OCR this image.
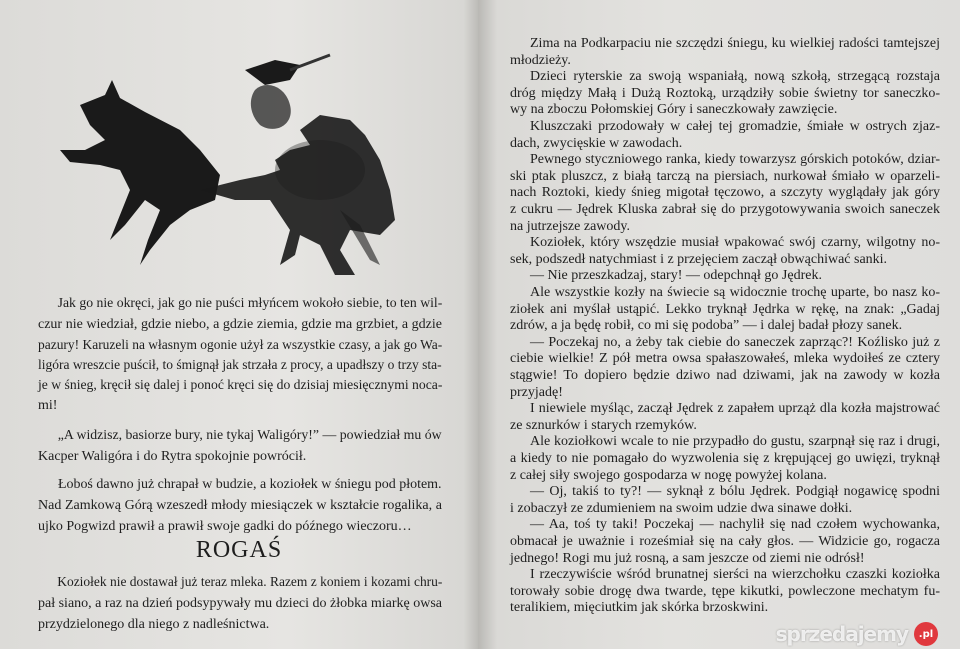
Jak go nie okręci, jak go nie puści młyńcem wokoło siebie, to ten wil-
czur nie wiedział, gdzie niebo, a gdzie ziemia, gdzie ma grzbiet, a gdzie
pazury! Karuzeli na własnym ogonie użył za wszystkie czasy, a jak go Wa-
ligóra wreszcie puścił, to śmignął jak strzała z procy, a upadłszy o trzy sta-
je w śnieg, kręcił się dalej i ponoć kręci się do dzisiaj miesięcznymi noca-
mi!
„A widzisz, basiorze bury, nie tykaj Waligóry!” — powiedział mu ów
Kacper Waligóra i do Rytra spokojnie powrócił.
Łoboś dawno już chrapał w budzie, a koziołek w śniegu pod płotem.
Nad Zamkową Górą wzeszedł młody miesiączek w kształcie rogalika, a
ujko Pogwizd prawił a prawił swoje gadki do późnego wieczoru…
Koziołek nie dostawał już teraz mleka. Razem z koniem i kozami chru-
pał siano, a raz na dzień podsypywały mu dzieci do żłobka miarkę owsa
przydzielonego dla niego z nadleśnictwa.
ROGAŚ
Zima na Podkarpaciu nie szczędzi śniegu, ku wielkiej radości tamtejszej
młodzieży.
Dzieci ryterskie za swoją wspaniałą, nową szkołą, strzegącą rozstaja
dróg między Małą i Dużą Roztoką, urządziły sobie świetny tor saneczko-
wy na zboczu Połomskiej Góry i saneczkowały zawzięcie.
Kluszczaki przodowały w całej tej gromadzie, śmiałe w ostrych zjaz-
dach, zwycięskie w zawodach.
Pewnego styczniowego ranka, kiedy towarzysz górskich potoków, dziar-
ski ptak pluszcz, z białą tarczą na piersiach, nurkował śmiało w oparzeli-
nach Roztoki, kiedy śnieg migotał tęczowo, a szczyty wyglądały jak góry
z cukru — Jędrek Kluska zabrał się do przygotowywania swoich saneczek
na jutrzejsze zawody.
Koziołek, który wszędzie musiał wpakować swój czarny, wilgotny no-
sek, podszedł natychmiast i z przejęciem zaczął obwąchiwać sanki.
— Nie przeszkadzaj, stary! — odepchnął go Jędrek.
Ale wszystkie kozły na świecie są widocznie trochę uparte, bo nasz ko-
ziołek ani myślał ustąpić. Lekko tryknął Jędrka w rękę, na znak: „Gadaj
zdrów, a ja będę robił, co mi się podoba” — i dalej badał płozy sanek.
— Poczekaj no, a żeby tak ciebie do saneczek zaprząc?! Koźlisko już z
ciebie wielkie! Z pół metra owsa spałaszowałeś, mleka wydoiłeś ze cztery
stągwie! To dopiero będzie dziwo nad dziwami, jak na zawody w kozła
przyjadę!
I niewiele myśląc, zaczął Jędrek z zapałem uprząż dla kozła majstrować
ze sznurków i starych rzemyków.
Ale koziołkowi wcale to nie przypadło do gustu, szarpnął się raz i drugi,
a kiedy to nie pomagało do wyzwolenia się z krępującej go uwięzi, tryknął
z całej siły swojego gospodarza w nogę powyżej kolana.
— Oj, takiś to ty?! — syknął z bólu Jędrek. Podgiął nogawicę spodni
i zobaczył ze zdumieniem na swoim udzie dwa sinawe dołki.
— Aa, toś ty taki! Poczekaj — nachylił się nad czołem wychowanka,
obmacał je uważnie i roześmiał się na cały głos. — Widzicie go, rogacza
jednego! Rogi mu już rosną, a sam jeszcze od ziemi nie odrósł!
I rzeczywiście wśród brunatnej sierści na wierzchołku czaszki koziołka
torowały sobie drogę dwa twarde, tępe kikutki, powleczone mechatym fu-
teralikiem, mięciutkim jak skórka brzoskwini.
sprzedajemy	.pl
